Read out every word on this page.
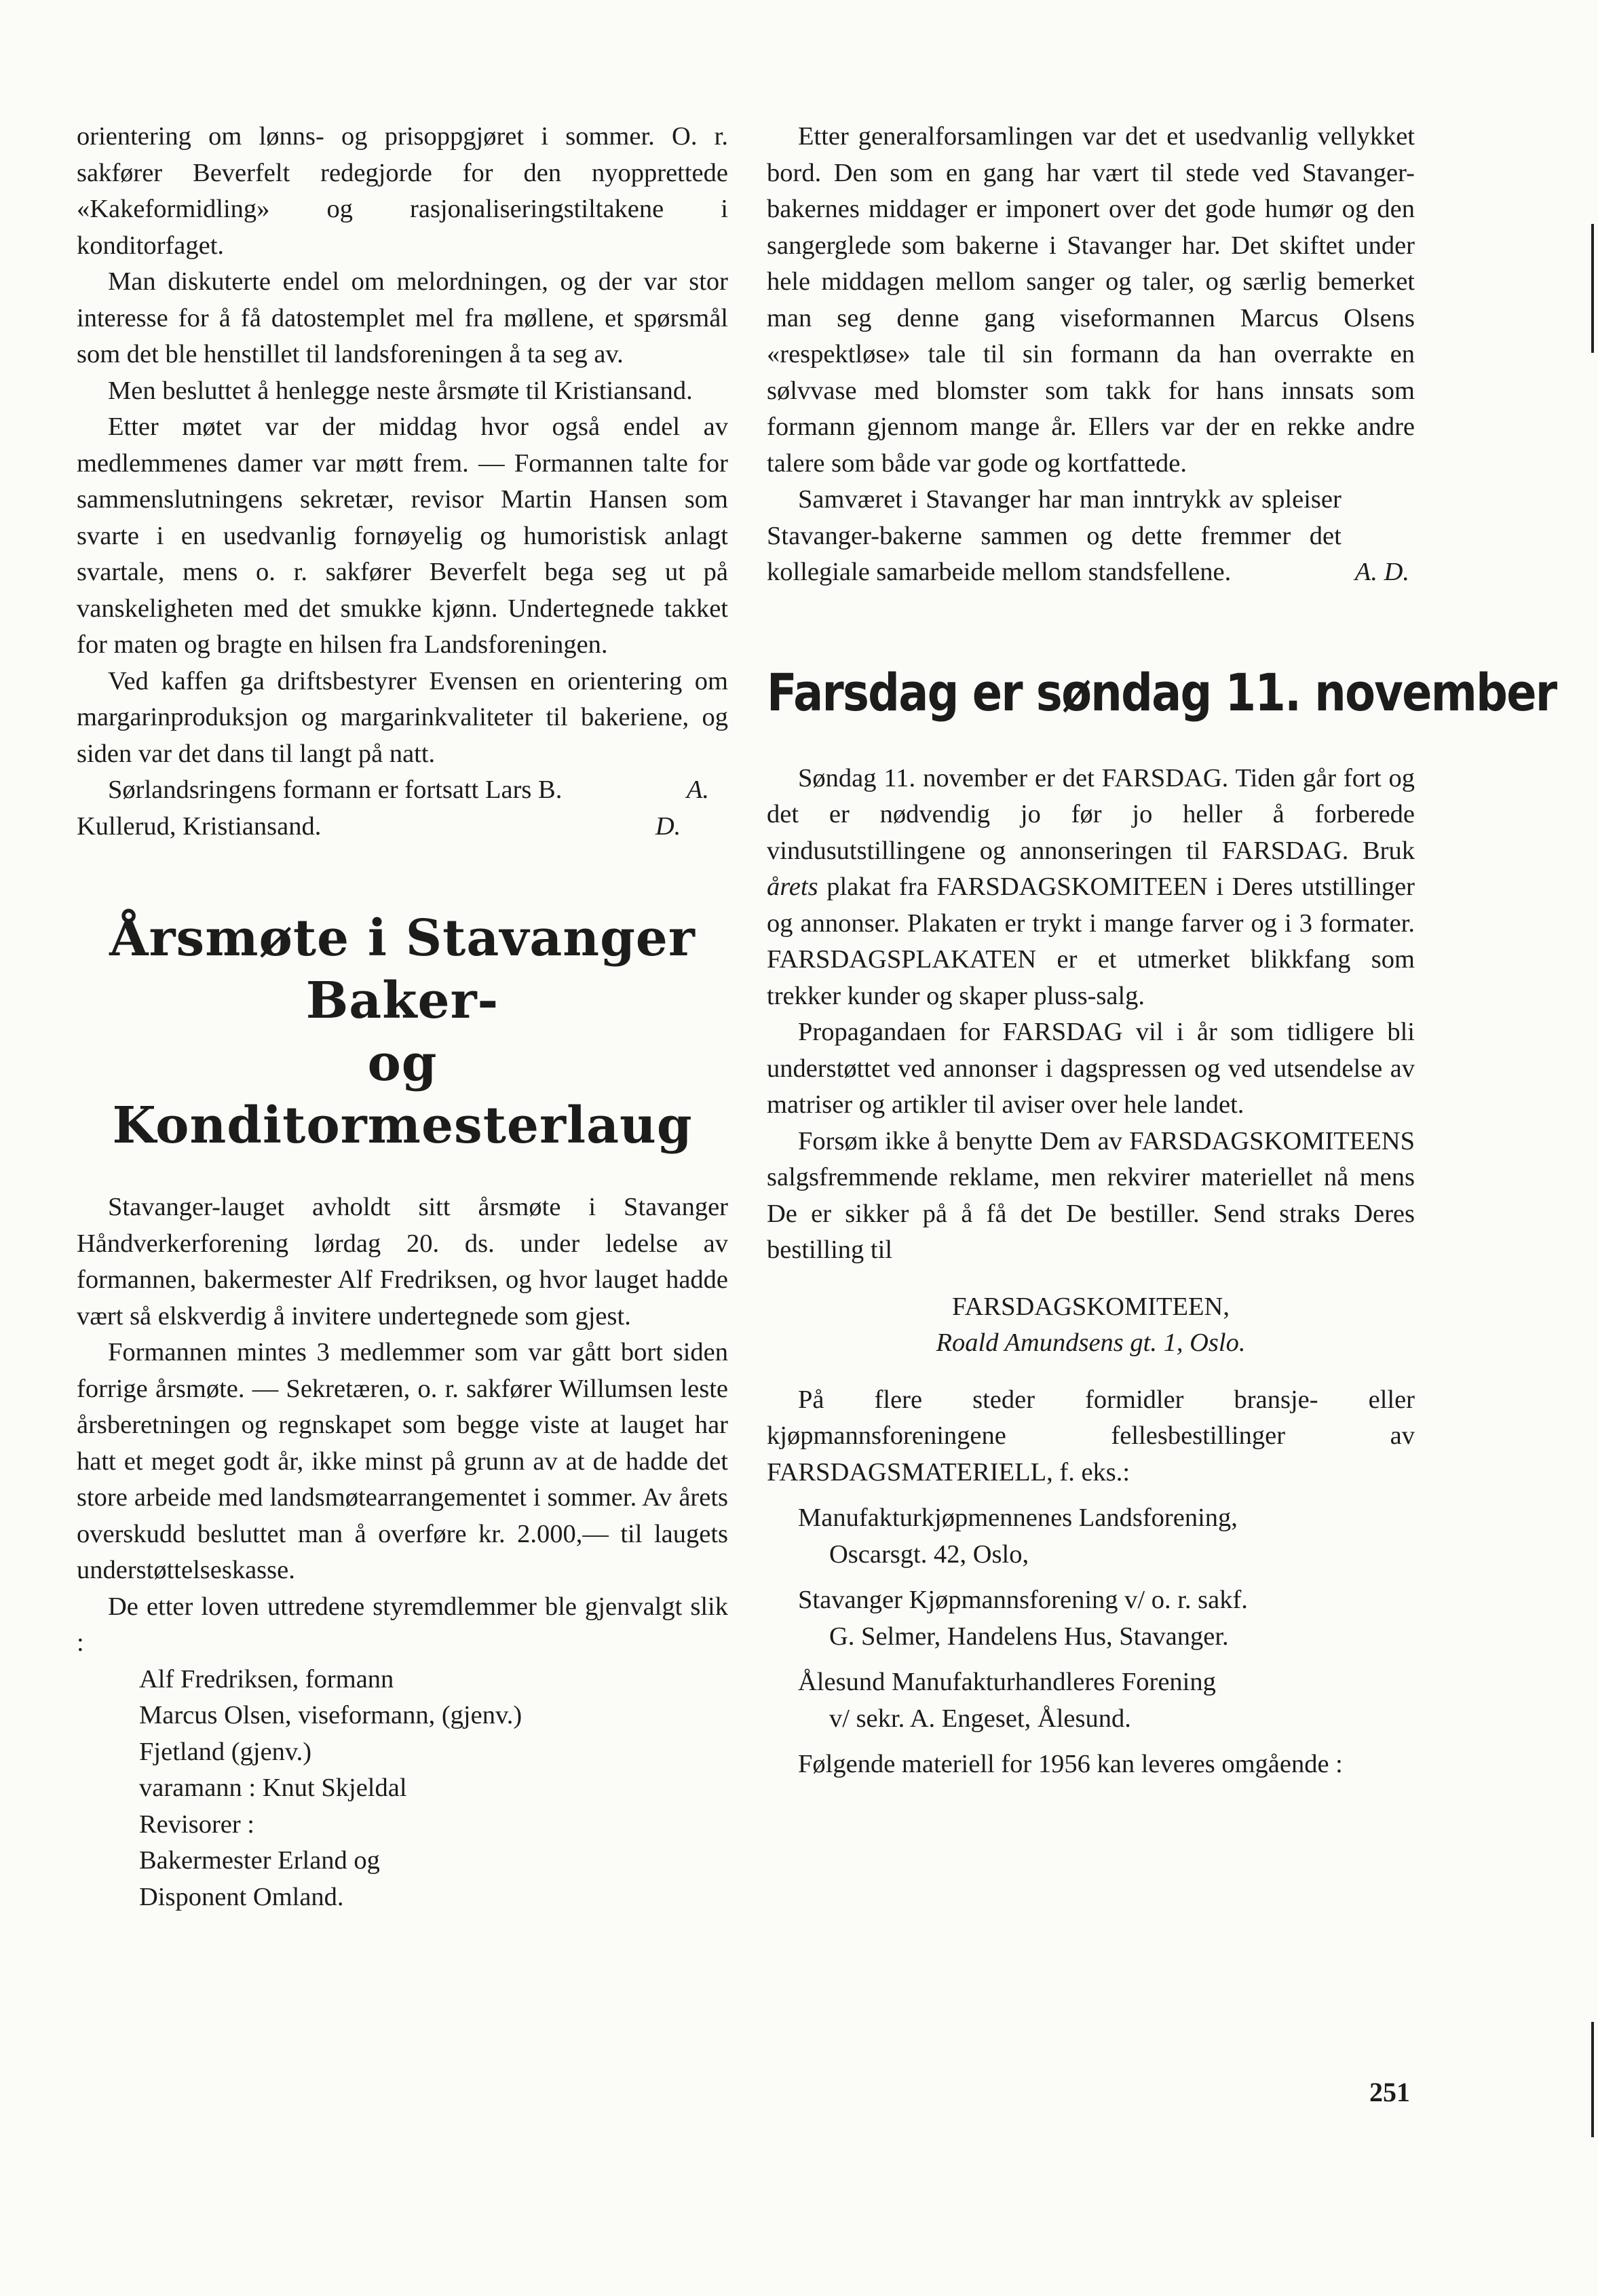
orientering om lønns- og prisoppgjøret i sommer. O. r. sakfører Beverfelt redegjorde for den nyopprettede «Kakeformidling» og rasjonaliseringstiltakene i konditorfaget.

Man diskuterte endel om melordningen, og der var stor interesse for å få datostemplet mel fra møllene, et spørsmål som det ble henstillet til landsforeningen å ta seg av.

Men besluttet å henlegge neste årsmøte til Kristiansand.

Etter møtet var der middag hvor også endel av medlemmenes damer var møtt frem. — Formannen talte for sammenslutningens sekretær, revisor Martin Hansen som svarte i en usedvanlig fornøyelig og humoristisk anlagt svartale, mens o. r. sakfører Beverfelt bega seg ut på vanskeligheten med det smukke kjønn. Undertegnede takket for maten og bragte en hilsen fra Landsforeningen.

Ved kaffen ga driftsbestyrer Evensen en orientering om margarinproduksjon og margarinkvaliteter til bakeriene, og siden var det dans til langt på natt.

Sørlandsringens formann er fortsatt Lars B. Kullerud, Kristiansand.
A. D.

Årsmøte i Stavanger Baker-
og Konditormesterlaug

Stavanger-lauget avholdt sitt årsmøte i Stavanger Håndverkerforening lørdag 20. ds. under ledelse av formannen, bakermester Alf Fredriksen, og hvor lauget hadde vært så elskverdig å invitere undertegnede som gjest.

Formannen mintes 3 medlemmer som var gått bort siden forrige årsmøte. — Sekretæren, o. r. sakfører Willumsen leste årsberetningen og regnskapet som begge viste at lauget har hatt et meget godt år, ikke minst på grunn av at de hadde det store arbeide med landsmøtearrangementet i sommer. Av årets overskudd besluttet man å overføre kr. 2.000,— til laugets understøttelseskasse.

De etter loven uttredene styremdlemmer ble gjenvalgt slik :

Alf Fredriksen, formann
Marcus Olsen, viseformann, (gjenv.)
Fjetland (gjenv.)
varamann : Knut Skjeldal
Revisorer :
Bakermester Erland og
Disponent Omland.

Etter generalforsamlingen var det et usedvanlig vellykket bord. Den som en gang har vært til stede ved Stavanger-bakernes middager er imponert over det gode humør og den sangerglede som bakerne i Stavanger har. Det skiftet under hele middagen mellom sanger og taler, og særlig bemerket man seg denne gang viseformannen Marcus Olsens «respektløse» tale til sin formann da han overrakte en sølvvase med blomster som takk for hans innsats som formann gjennom mange år. Ellers var der en rekke andre talere som både var gode og kortfattede.

Samværet i Stavanger har man inntrykk av spleiser Stavanger-bakerne sammen og dette fremmer det kollegiale samarbeide mellom standsfellene.	A. D.

Farsdag er søndag 11. november

Søndag 11. november er det FARSDAG. Tiden går fort og det er nødvendig jo før jo heller å forberede vindusutstillingene og annonseringen til FARSDAG. Bruk årets plakat fra FARSDAGSKOMITEEN i Deres utstillinger og annonser. Plakaten er trykt i mange farver og i 3 formater. FARSDAGSPLAKATEN er et utmerket blikkfang som trekker kunder og skaper pluss-salg.

Propagandaen for FARSDAG vil i år som tidligere bli understøttet ved annonser i dagspressen og ved utsendelse av matriser og artikler til aviser over hele landet.

Forsøm ikke å benytte Dem av FARSDAGSKOMITEENS salgsfremmende reklame, men rekvirer materiellet nå mens De er sikker på å få det De bestiller. Send straks Deres bestilling til

FARSDAGSKOMITEEN,
Roald Amundsens gt. 1, Oslo.

På flere steder formidler bransje- eller kjøpmannsforeningene fellesbestillinger av FARSDAGSMATERIELL, f. eks.:

Manufakturkjøpmennenes Landsforening,
Oscarsgt. 42, Oslo,
Stavanger Kjøpmannsforening v/ o. r. sakf.
G. Selmer, Handelens Hus, Stavanger.
Ålesund Manufakturhandleres Forening
v/ sekr. A. Engeset, Ålesund.

Følgende materiell for 1956 kan leveres omgående :

251
